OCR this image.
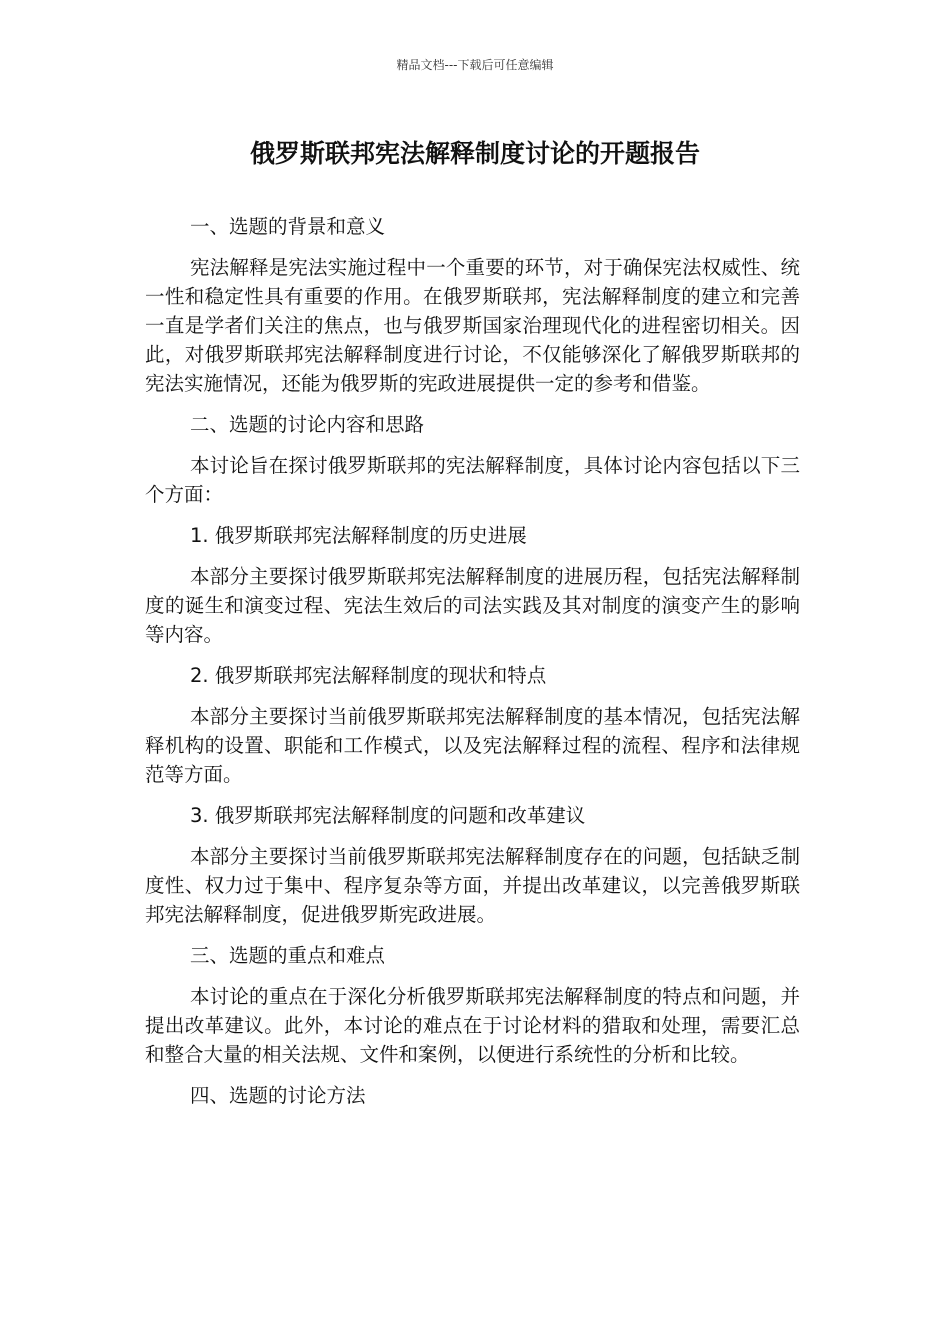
精品文档---下载后可任意编辑
俄罗斯联邦宪法解释制度讨论的开题报告

一、选题的背景和意义

宪法解释是宪法实施过程中一个重要的环节，对于确保宪法权威性、统一性和稳定性具有重要的作用。在俄罗斯联邦，宪法解释制度的建立和完善一直是学者们关注的焦点，也与俄罗斯国家治理现代化的进程密切相关。因此，对俄罗斯联邦宪法解释制度进行讨论，不仅能够深化了解俄罗斯联邦的宪法实施情况，还能为俄罗斯的宪政进展提供一定的参考和借鉴。

二、选题的讨论内容和思路

本讨论旨在探讨俄罗斯联邦的宪法解释制度，具体讨论内容包括以下三个方面：

1. 俄罗斯联邦宪法解释制度的历史进展

本部分主要探讨俄罗斯联邦宪法解释制度的进展历程，包括宪法解释制度的诞生和演变过程、宪法生效后的司法实践及其对制度的演变产生的影响等内容。

2. 俄罗斯联邦宪法解释制度的现状和特点

本部分主要探讨当前俄罗斯联邦宪法解释制度的基本情况，包括宪法解释机构的设置、职能和工作模式，以及宪法解释过程的流程、程序和法律规范等方面。

3. 俄罗斯联邦宪法解释制度的问题和改革建议

本部分主要探讨当前俄罗斯联邦宪法解释制度存在的问题，包括缺乏制度性、权力过于集中、程序复杂等方面，并提出改革建议，以完善俄罗斯联邦宪法解释制度，促进俄罗斯宪政进展。

三、选题的重点和难点

本讨论的重点在于深化分析俄罗斯联邦宪法解释制度的特点和问题，并提出改革建议。此外，本讨论的难点在于讨论材料的猎取和处理，需要汇总和整合大量的相关法规、文件和案例，以便进行系统性的分析和比较。

四、选题的讨论方法
